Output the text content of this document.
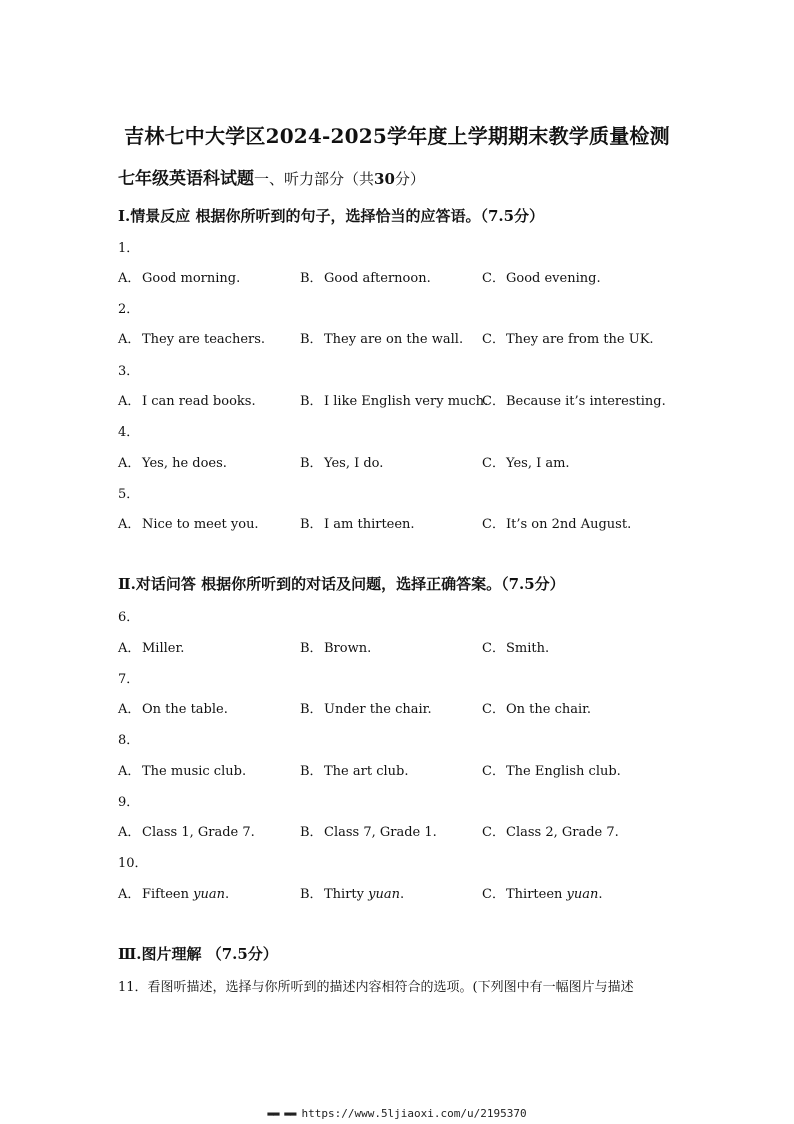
吉林七中大学区2024-2025学年度上学期期末教学质量检测
七年级英语科试题一、听力部分（共30分）
I.情景反应 根据你所听到的句子，选择恰当的应答语。（7.5分）
1．
A． Good morning.	B．Good afternoon.	C．Good evening.
2．
A． They are teachers.	B．They are on the wall. C．They are from the UK.
3．
A． I can read books.	B．I like English very much.
C．Because it’s interesting.
4．
A． Yes, he does.	B．Yes, I do.	C．Yes, I am.
5．
A． Nice to meet you.	B．I am thirteen.	C．It’s on 2nd August.
Ⅱ.对话问答 根据你所听到的对话及问题，选择正确答案。（7.5分）
6．
A． Miller.	B．Brown.	C．Smith.
7．
A． On the table.	B．Under the chair.	C．On the chair.
8．
A． The music club.	B．The art club.	C．The English club.
9．
A． Class 1, Grade 7.	B．Class 7, Grade 1.	C．Class 2, Grade 7.
10．
A． Fifteen yuan.	B．Thirty yuan.	C．Thirteen yuan.
Ⅲ.图片理解 （7.5分）
11．看图听描述，选择与你所听到的描述内容相符合的选项。(下列图中有一幅图片与描述
▬▬ ▬▬ https://www.5ljiaoxi.com/u/2195370
